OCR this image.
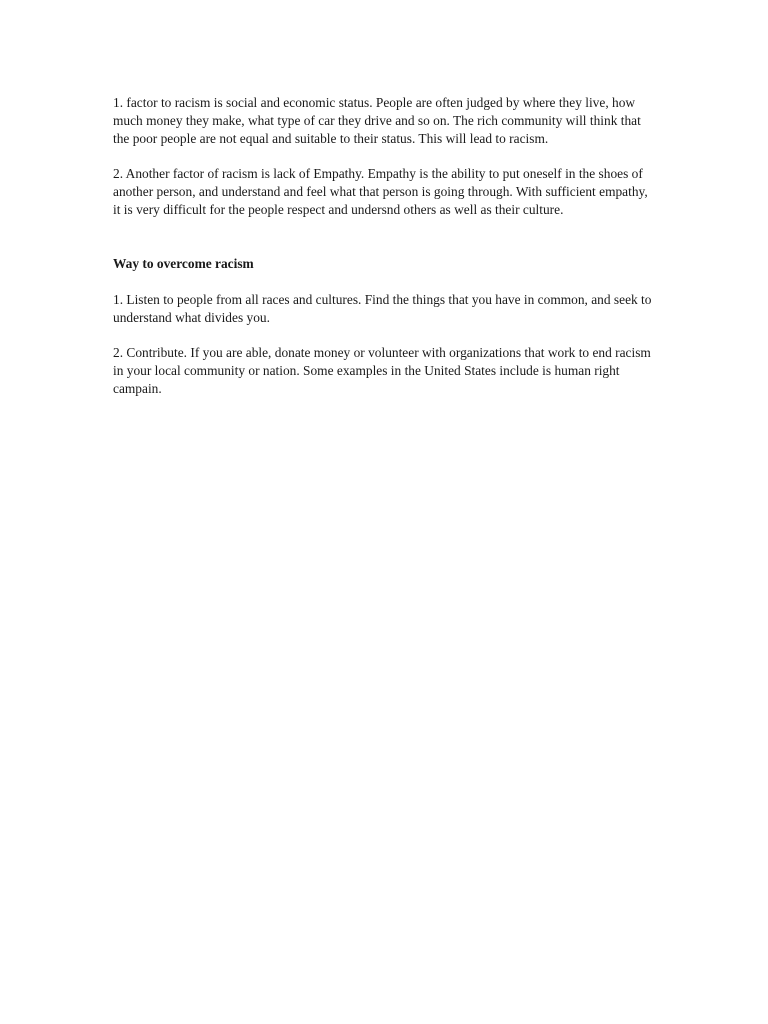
1. factor to racism is social and economic status. People are often judged by where they live, how much money they make, what type of car they drive and so on. The rich community will think that the poor people are not equal and suitable to their status. This will lead to racism.

2. Another factor of racism is lack of Empathy. Empathy is the ability to put oneself in the shoes of another person, and understand and feel what that person is going through. With sufficient empathy, it is very difficult for the people respect and undersnd others as well as their culture.

Way to overcome racism

1. Listen to people from all races and cultures. Find the things that you have in common, and seek to understand what divides you.

2. Contribute. If you are able, donate money or volunteer with organizations that work to end racism in your local community or nation. Some examples in the United States include is human right campain.
